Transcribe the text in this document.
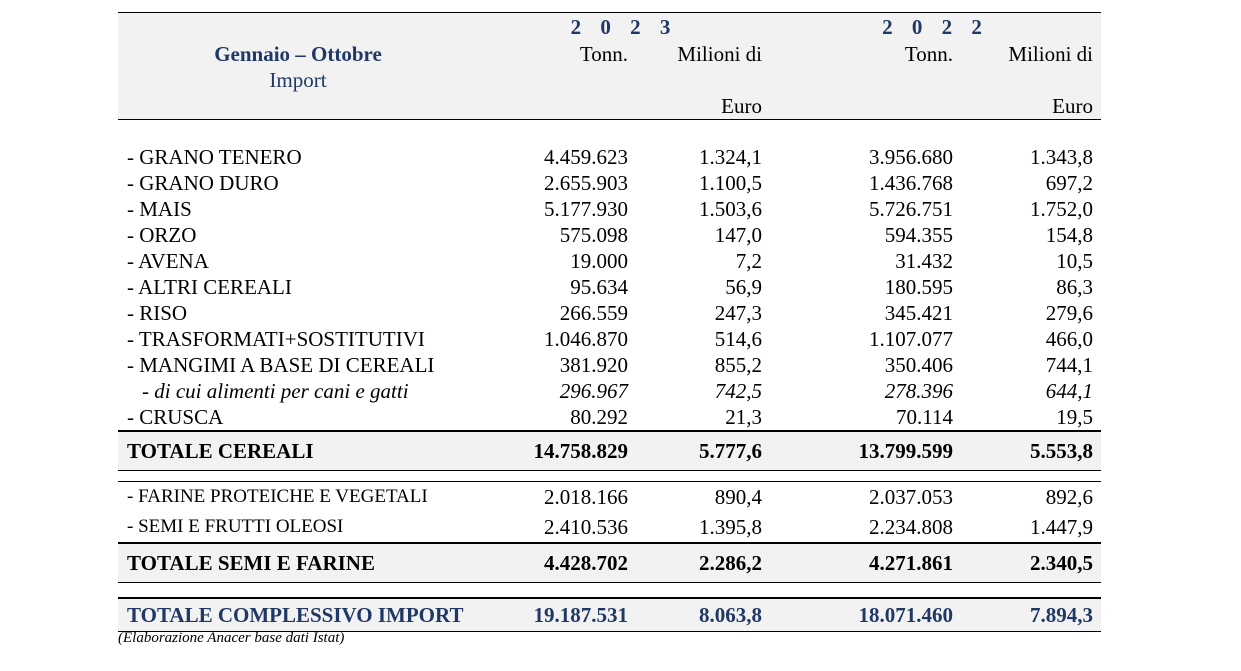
	2 0 2 3		2 0 2 2	
Gennaio – Ottobre	Tonn.	Milioni di	Tonn.	Milioni di
Import				
		Euro		Euro

- GRANO TENERO	4.459.623	1.324,1	3.956.680	1.343,8
- GRANO DURO	2.655.903	1.100,5	1.436.768	697,2
- MAIS	5.177.930	1.503,6	5.726.751	1.752,0
- ORZO	575.098	147,0	594.355	154,8
- AVENA	19.000	7,2	31.432	10,5
- ALTRI CEREALI	95.634	56,9	180.595	86,3
- RISO	266.559	247,3	345.421	279,6
- TRASFORMATI+SOSTITUTIVI	1.046.870	514,6	1.107.077	466,0
- MANGIMI A BASE DI CEREALI	381.920	855,2	350.406	744,1
- di cui alimenti per cani e gatti	296.967	742,5	278.396	644,1
- CRUSCA	80.292	21,3	70.114	19,5
TOTALE CEREALI	14.758.829	5.777,6	13.799.599	5.553,8

- FARINE PROTEICHE E VEGETALI	2.018.166	890,4	2.037.053	892,6
- SEMI E FRUTTI OLEOSI	2.410.536	1.395,8	2.234.808	1.447,9
TOTALE SEMI E FARINE	4.428.702	2.286,2	4.271.861	2.340,5

TOTALE COMPLESSIVO IMPORT	19.187.531	8.063,8	18.071.460	7.894,3
(Elaborazione Anacer base dati Istat)
